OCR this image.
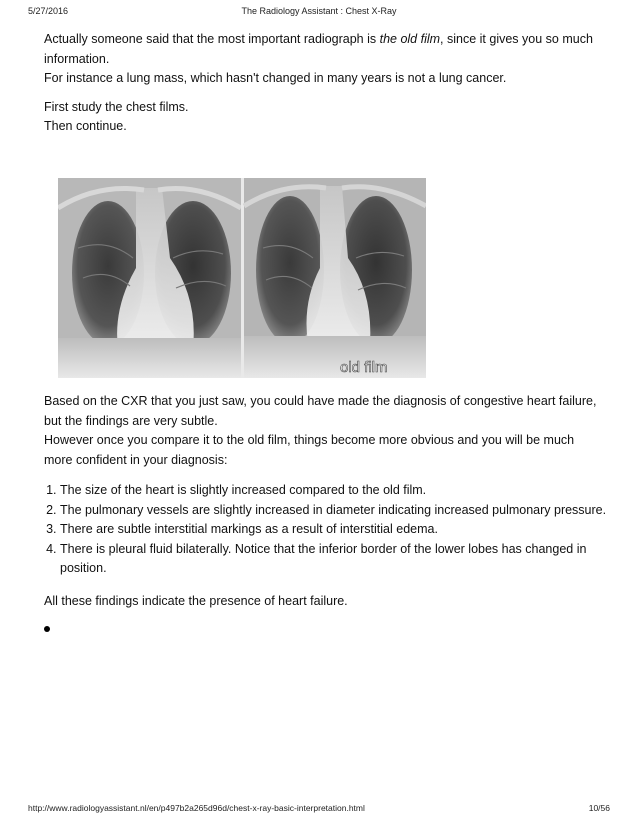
5/27/2016	The Radiology Assistant : Chest X-Ray

Actually someone said that the most important radiograph is the old film, since it gives you so much information.

For instance a lung mass, which hasn't changed in many years is not a lung cancer.

First study the chest films.

Then continue.

old film

Based on the CXR that you just saw, you could have made the diagnosis of congestive heart failure, but the findings are very subtle.

However once you compare it to the old film, things become more obvious and you will be much more confident in your diagnosis:

1. The size of the heart is slightly increased compared to the old film.
2. The pulmonary vessels are slightly increased in diameter indicating increased pulmonary pressure.
3. There are subtle interstitial markings as a result of interstitial edema.
4. There is pleural fluid bilaterally. Notice that the inferior border of the lower lobes has changed in position.

All these findings indicate the presence of heart failure.

http://www.radiologyassistant.nl/en/p497b2a265d96d/chest-x-ray-basic-interpretation.html	10/56
